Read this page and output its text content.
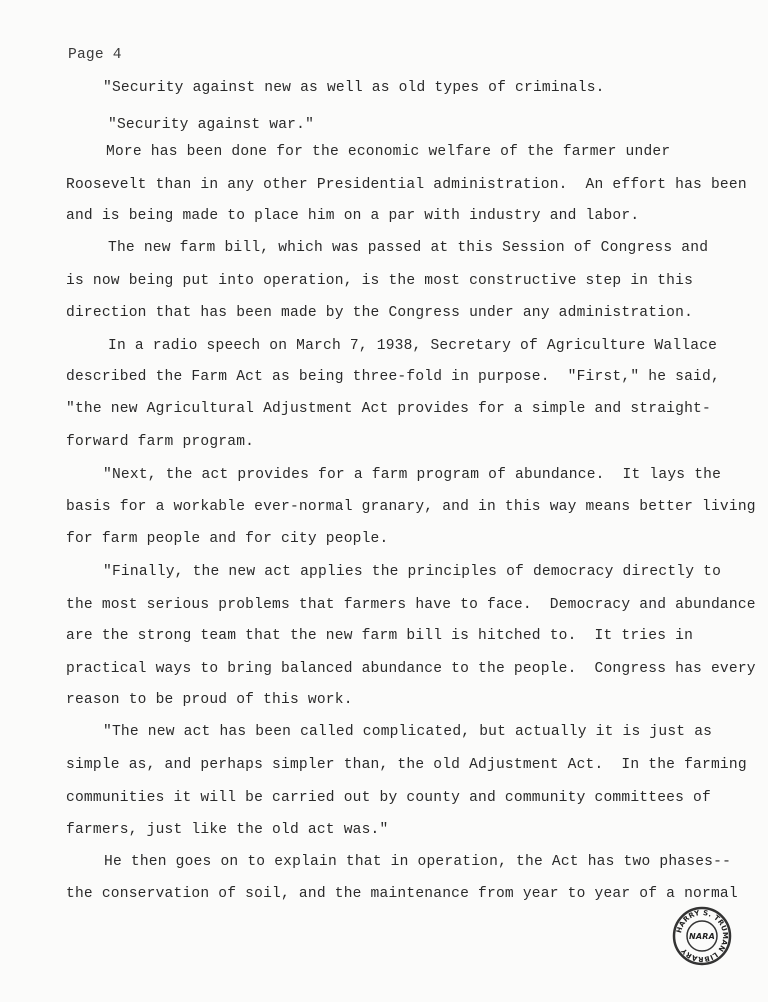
Page 4
"Security against new as well as old types of criminals.
"Security against war."
More has been done for the economic welfare of the farmer under
Roosevelt than in any other Presidential administration.  An effort has been
and is being made to place him on a par with industry and labor.
The new farm bill, which was passed at this Session of Congress and
is now being put into operation, is the most constructive step in this
direction that has been made by the Congress under any administration.
In a radio speech on March 7, 1938, Secretary of Agriculture Wallace
described the Farm Act as being three-fold in purpose.  "First," he said,
"the new Agricultural Adjustment Act provides for a simple and straight-
forward farm program.
"Next, the act provides for a farm program of abundance.  It lays the
basis for a workable ever-normal granary, and in this way means better living
for farm people and for city people.
"Finally, the new act applies the principles of democracy directly to
the most serious problems that farmers have to face.  Democracy and abundance
are the strong team that the new farm bill is hitched to.  It tries in
practical ways to bring balanced abundance to the people.  Congress has every
reason to be proud of this work.
"The new act has been called complicated, but actually it is just as
simple as, and perhaps simpler than, the old Adjustment Act.  In the farming
communities it will be carried out by county and community committees of
farmers, just like the old act was."
He then goes on to explain that in operation, the Act has two phases--
the conservation of soil, and the maintenance from year to year of a normal
HARRY S. TRUMAN LIBRARY
NARA
